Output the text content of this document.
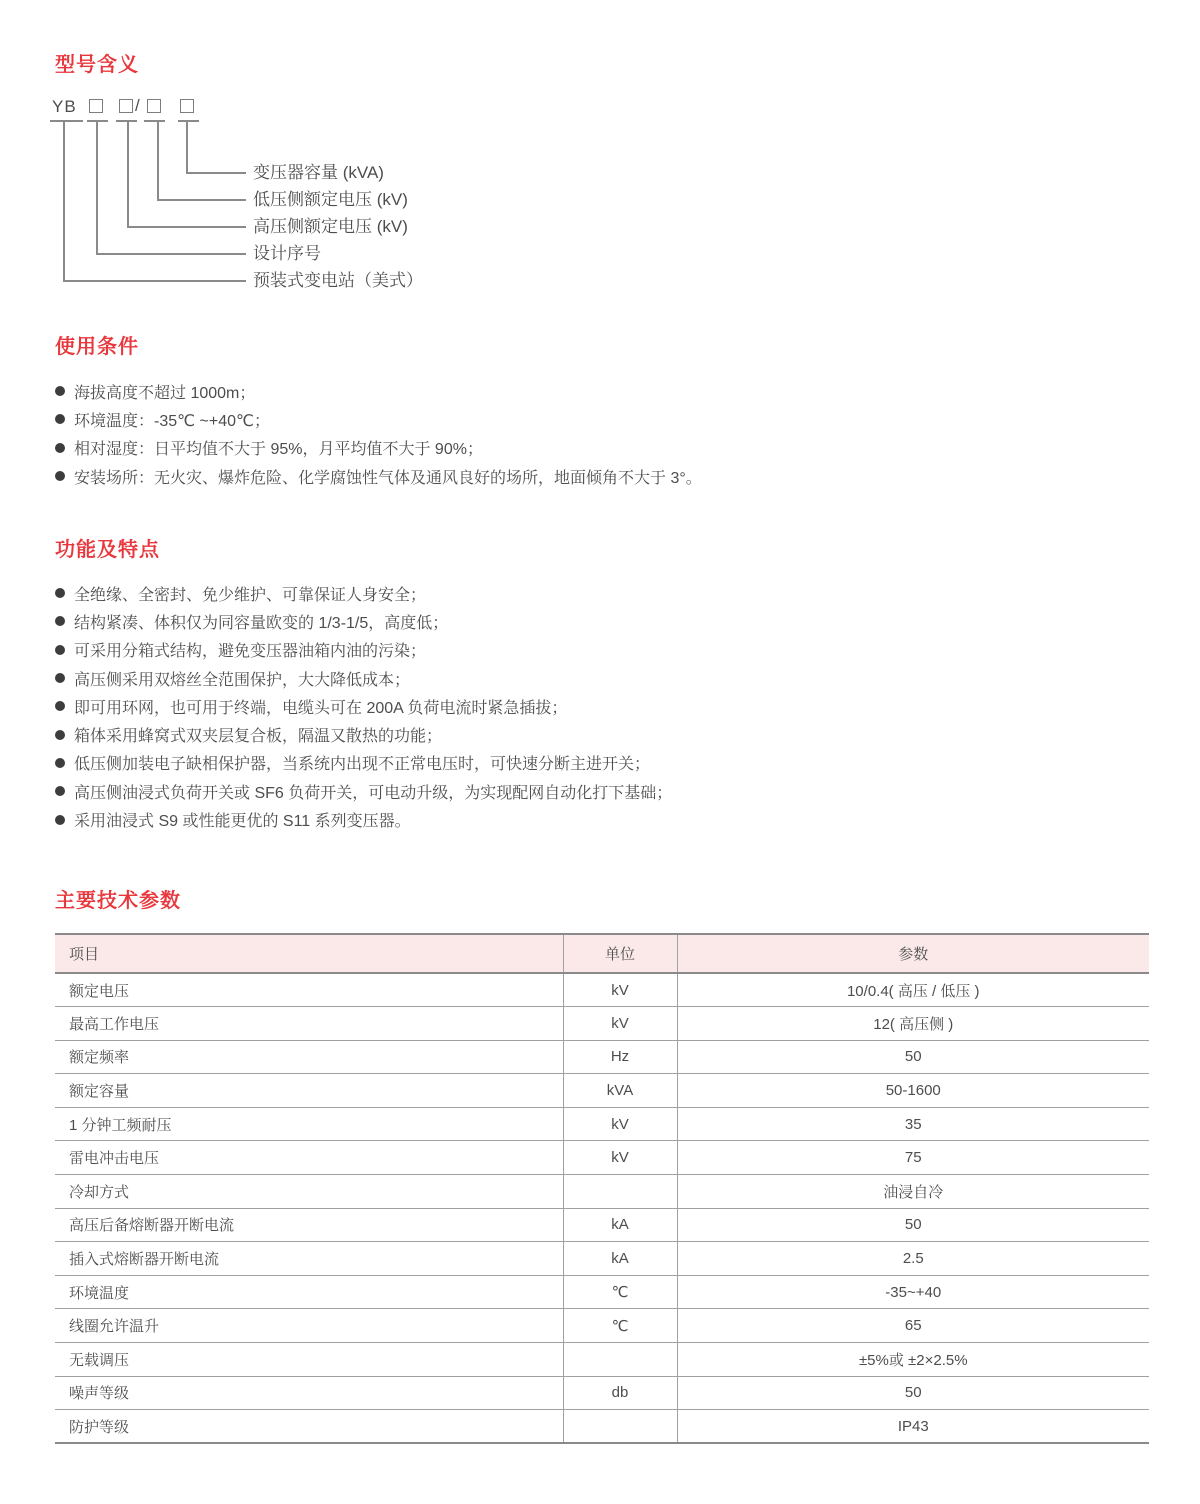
型号含义
YB	/
变压器容量 (kVA)
低压侧额定电压 (kV)
高压侧额定电压 (kV)
设计序号
预装式变电站（美式）
使用条件
海拔高度不超过 1000m；
环境温度：-35℃ ~+40℃；
相对湿度：日平均值不大于 95%，月平均值不大于 90%；
安装场所：无火灾、爆炸危险、化学腐蚀性气体及通风良好的场所，地面倾角不大于 3°。
功能及特点
全绝缘、全密封、免少维护、可靠保证人身安全；
结构紧凑、体积仅为同容量欧变的 1/3-1/5，高度低；
可采用分箱式结构，避免变压器油箱内油的污染；
高压侧采用双熔丝全范围保护，大大降低成本；
即可用环网，也可用于终端，电缆头可在 200A 负荷电流时紧急插拔；
箱体采用蜂窝式双夹层复合板，隔温又散热的功能；
低压侧加装电子缺相保护器，当系统内出现不正常电压时，可快速分断主进开关；
高压侧油浸式负荷开关或 SF6 负荷开关，可电动升级，为实现配网自动化打下基础；
采用油浸式 S9 或性能更优的 S11 系列变压器。
主要技术参数
项目	单位	参数
额定电压	kV	10/0.4( 高压 / 低压 )
最高工作电压	kV	12( 高压侧 )
额定频率	Hz	50
额定容量	kVA	50-1600
1 分钟工频耐压	kV	35
雷电冲击电压	kV	75
冷却方式		油浸自冷
高压后备熔断器开断电流	kA	50
插入式熔断器开断电流	kA	2.5
环境温度	℃	-35~+40
线圈允许温升	℃	65
无载调压		±5%或 ±2×2.5%
噪声等级	db	50
防护等级		IP43
